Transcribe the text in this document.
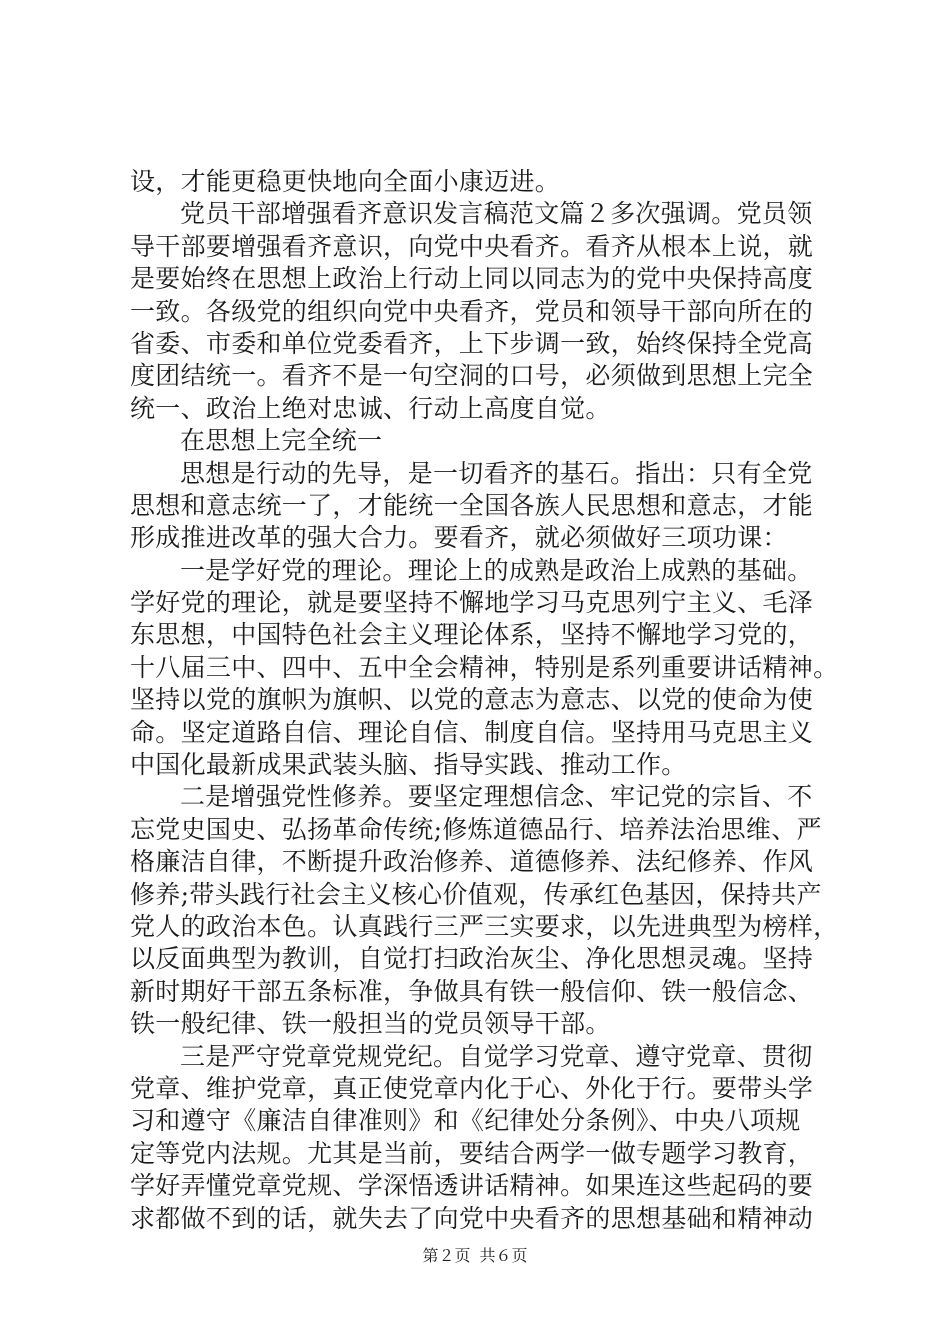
设，才能更稳更快地向全面小康迈进。
党员干部增强看齐意识发言稿范文篇２多次强调。党员领
导干部要增强看齐意识，向党中央看齐。看齐从根本上说，就
是要始终在思想上政治上行动上同以同志为的党中央保持高度
一致。各级党的组织向党中央看齐，党员和领导干部向所在的
省委、市委和单位党委看齐，上下步调一致，始终保持全党高
度团结统一。看齐不是一句空洞的口号，必须做到思想上完全
统一、政治上绝对忠诚、行动上高度自觉。
在思想上完全统一
思想是行动的先导，是一切看齐的基石。指出：只有全党
思想和意志统一了，才能统一全国各族人民思想和意志，才能
形成推进改革的强大合力。要看齐，就必须做好三项功课：
一是学好党的理论。理论上的成熟是政治上成熟的基础。
学好党的理论，就是要坚持不懈地学习马克思列宁主义、毛泽
东思想，中国特色社会主义理论体系，坚持不懈地学习党的，
十八届三中、四中、五中全会精神，特别是系列重要讲话精神。
坚持以党的旗帜为旗帜、以党的意志为意志、以党的使命为使
命。坚定道路自信、理论自信、制度自信。坚持用马克思主义
中国化最新成果武装头脑、指导实践、推动工作。
二是增强党性修养。要坚定理想信念、牢记党的宗旨、不
忘党史国史、弘扬革命传统;修炼道德品行、培养法治思维、严
格廉洁自律，不断提升政治修养、道德修养、法纪修养、作风
修养;带头践行社会主义核心价值观，传承红色基因，保持共产
党人的政治本色。认真践行三严三实要求，以先进典型为榜样，
以反面典型为教训，自觉打扫政治灰尘、净化思想灵魂。坚持
新时期好干部五条标准，争做具有铁一般信仰、铁一般信念、
铁一般纪律、铁一般担当的党员领导干部。
三是严守党章党规党纪。自觉学习党章、遵守党章、贯彻
党章、维护党章，真正使党章内化于心、外化于行。要带头学
习和遵守《廉洁自律准则》和《纪律处分条例》、中央八项规
定等党内法规。尤其是当前，要结合两学一做专题学习教育，
学好弄懂党章党规、学深悟透讲话精神。如果连这些起码的要
求都做不到的话，就失去了向党中央看齐的思想基础和精神动
第２页 共６页
